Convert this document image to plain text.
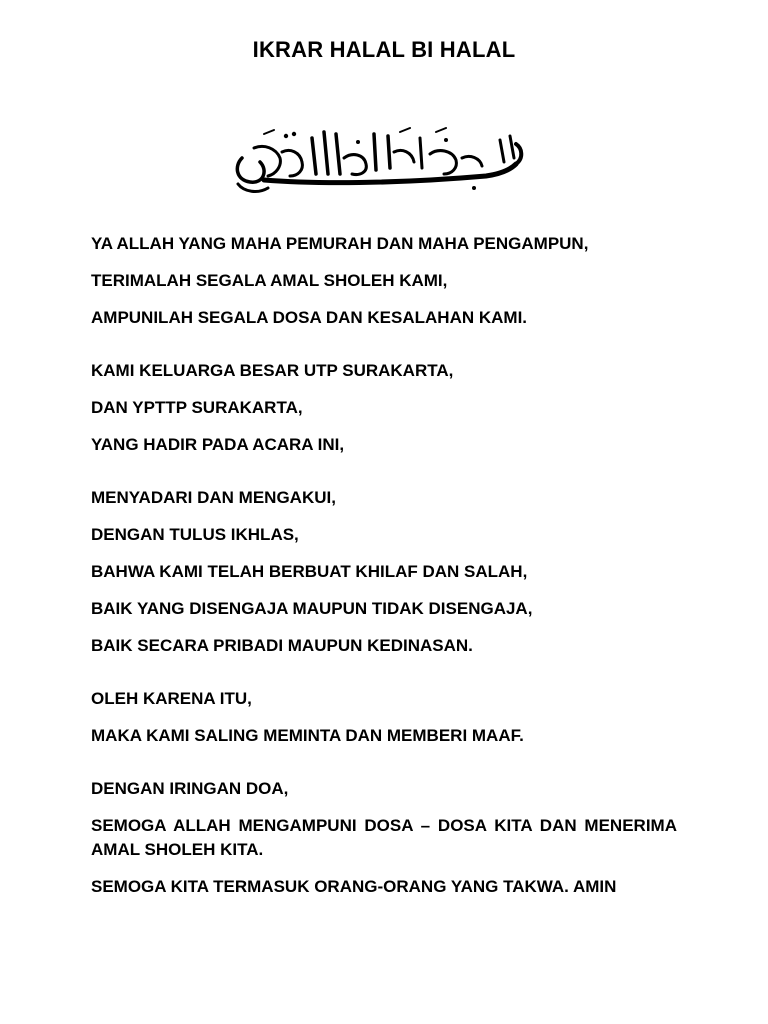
IKRAR HALAL BI HALAL
YA ALLAH YANG MAHA PEMURAH DAN MAHA PENGAMPUN,
TERIMALAH SEGALA AMAL SHOLEH KAMI,
AMPUNILAH SEGALA DOSA DAN KESALAHAN KAMI.
KAMI KELUARGA BESAR UTP SURAKARTA,
DAN YPTTP SURAKARTA,
YANG HADIR PADA ACARA INI,
MENYADARI DAN MENGAKUI,
DENGAN TULUS IKHLAS,
BAHWA KAMI TELAH BERBUAT KHILAF DAN SALAH,
BAIK YANG DISENGAJA MAUPUN TIDAK DISENGAJA,
BAIK SECARA PRIBADI MAUPUN KEDINASAN.
OLEH KARENA ITU,
MAKA KAMI SALING MEMINTA DAN MEMBERI MAAF.
DENGAN IRINGAN DOA,
SEMOGA ALLAH MENGAMPUNI DOSA – DOSA KITA DAN MENERIMA AMAL SHOLEH KITA.
SEMOGA KITA TERMASUK ORANG-ORANG YANG TAKWA. AMIN
